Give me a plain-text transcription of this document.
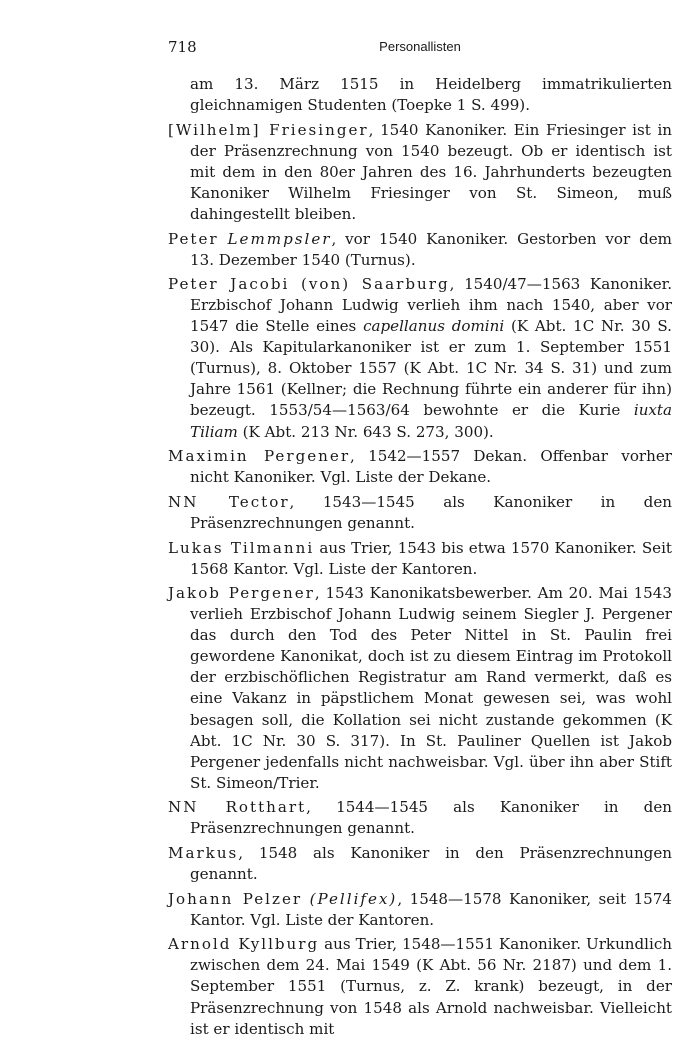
718	Personallisten

am 13. März 1515 in Heidelberg immatrikulierten gleichnamigen Studenten (Toepke 1 S. 499).

[Wilhelm] Friesinger, 1540 Kanoniker. Ein Friesinger ist in der Präsenzrechnung von 1540 bezeugt. Ob er identisch ist mit dem in den 80er Jahren des 16. Jahrhunderts bezeugten Kanoniker Wilhelm Friesinger von St. Simeon, muß dahingestellt bleiben.

Peter Lemmpsler, vor 1540 Kanoniker. Gestorben vor dem 13. Dezember 1540 (Turnus).

Peter Jacobi (von) Saarburg, 1540/47—1563 Kanoniker. Erzbischof Johann Ludwig verlieh ihm nach 1540, aber vor 1547 die Stelle eines capellanus domini (K Abt. 1C Nr. 30 S. 30). Als Kapitularkanoniker ist er zum 1. September 1551 (Turnus), 8. Oktober 1557 (K Abt. 1C Nr. 34 S. 31) und zum Jahre 1561 (Kellner; die Rechnung führte ein anderer für ihn) bezeugt. 1553/54—1563/64 bewohnte er die Kurie iuxta Tiliam (K Abt. 213 Nr. 643 S. 273, 300).

Maximin Pergener, 1542—1557 Dekan. Offenbar vorher nicht Kanoniker. Vgl. Liste der Dekane.

NN Tector, 1543—1545 als Kanoniker in den Präsenzrechnungen genannt.

Lukas Tilmanni aus Trier, 1543 bis etwa 1570 Kanoniker. Seit 1568 Kantor. Vgl. Liste der Kantoren.

Jakob Pergener, 1543 Kanonikatsbewerber. Am 20. Mai 1543 verlieh Erzbischof Johann Ludwig seinem Siegler J. Pergener das durch den Tod des Peter Nittel in St. Paulin frei gewordene Kanonikat, doch ist zu diesem Eintrag im Protokoll der erzbischöflichen Registratur am Rand vermerkt, daß es eine Vakanz in päpstlichem Monat gewesen sei, was wohl besagen soll, die Kollation sei nicht zustande gekommen (K Abt. 1C Nr. 30 S. 317). In St. Pauliner Quellen ist Jakob Pergener jedenfalls nicht nachweisbar. Vgl. über ihn aber Stift St. Simeon/Trier.

NN Rotthart, 1544—1545 als Kanoniker in den Präsenzrechnungen genannt.

Markus, 1548 als Kanoniker in den Präsenzrechnungen genannt.

Johann Pelzer (Pellifex), 1548—1578 Kanoniker, seit 1574 Kantor. Vgl. Liste der Kantoren.

Arnold Kyllburg aus Trier, 1548—1551 Kanoniker. Urkundlich zwischen dem 24. Mai 1549 (K Abt. 56 Nr. 2187) und dem 1. September 1551 (Turnus, z. Z. krank) bezeugt, in der Präsenzrechnung von 1548 als Arnold nachweisbar. Vielleicht ist er identisch mit
